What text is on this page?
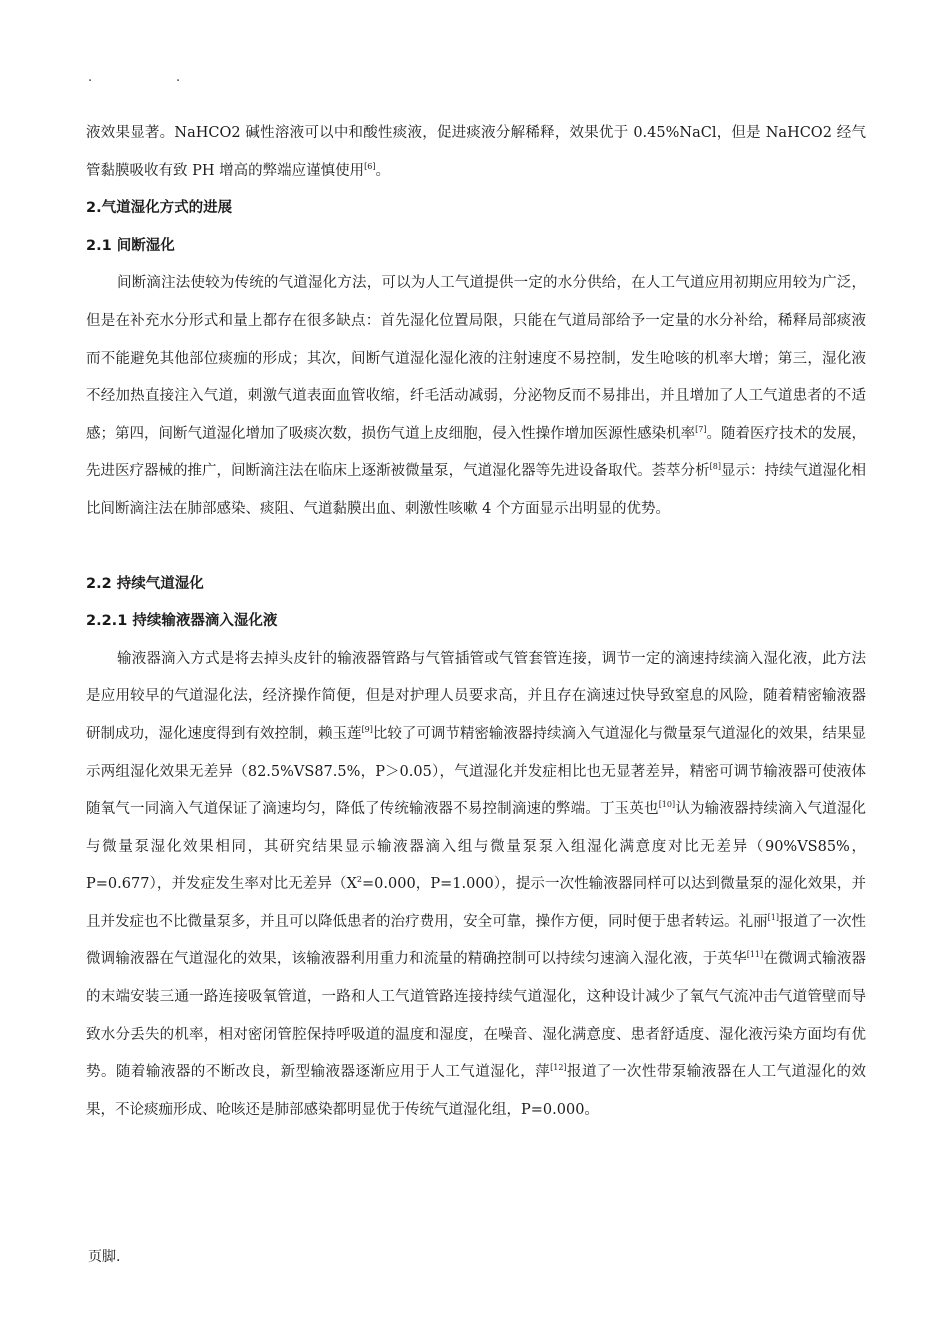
.	.

液效果显著。NaHCO2 碱性溶液可以中和酸性痰液，促进痰液分解稀释，效果优于 0.45%NaCl，但是 NaHCO2 经气管黏膜吸收有致 PH 增高的弊端应谨慎使用[6]。

2.气道湿化方式的进展

2.1 间断湿化

间断滴注法使较为传统的气道湿化方法，可以为人工气道提供一定的水分供给，在人工气道应用初期应用较为广泛，但是在补充水分形式和量上都存在很多缺点：首先湿化位置局限，只能在气道局部给予一定量的水分补给，稀释局部痰液而不能避免其他部位痰痂的形成；其次，间断气道湿化湿化液的注射速度不易控制，发生呛咳的机率大增；第三，湿化液不经加热直接注入气道，刺激气道表面血管收缩，纤毛活动减弱，分泌物反而不易排出，并且增加了人工气道患者的不适感；第四，间断气道湿化增加了吸痰次数，损伤气道上皮细胞，侵入性操作增加医源性感染机率[7]。随着医疗技术的发展，先进医疗器械的推广，间断滴注法在临床上逐渐被微量泵，气道湿化器等先进设备取代。荟萃分析[8]显示：持续气道湿化相比间断滴注法在肺部感染、痰阻、气道黏膜出血、刺激性咳嗽 4 个方面显示出明显的优势。

2.2 持续气道湿化

2.2.1 持续输液器滴入湿化液

输液器滴入方式是将去掉头皮针的输液器管路与气管插管或气管套管连接，调节一定的滴速持续滴入湿化液，此方法是应用较早的气道湿化法，经济操作简便，但是对护理人员要求高，并且存在滴速过快导致窒息的风险，随着精密输液器研制成功，湿化速度得到有效控制，赖玉莲[9]比较了可调节精密输液器持续滴入气道湿化与微量泵气道湿化的效果，结果显示两组湿化效果无差异（82.5%VS87.5%，P＞0.05），气道湿化并发症相比也无显著差异，精密可调节输液器可使液体随氧气一同滴入气道保证了滴速均匀，降低了传统输液器不易控制滴速的弊端。丁玉英也[10]认为输液器持续滴入气道湿化与微量泵湿化效果相同，其研究结果显示输液器滴入组与微量泵泵入组湿化满意度对比无差异（90%VS85%，P=0.677），并发症发生率对比无差异（$X^2=0.000$，P=1.000），提示一次性输液器同样可以达到微量泵的湿化效果，并且并发症也不比微量泵多，并且可以降低患者的治疗费用，安全可靠，操作方便，同时便于患者转运。礼丽[1]报道了一次性微调输液器在气道湿化的效果，该输液器利用重力和流量的精确控制可以持续匀速滴入湿化液，于英华[11]在微调式输液器的末端安装三通一路连接吸氧管道，一路和人工气道管路连接持续气道湿化，这种设计减少了氧气气流冲击气道管壁而导致水分丢失的机率，相对密闭管腔保持呼吸道的温度和湿度，在噪音、湿化满意度、患者舒适度、湿化液污染方面均有优势。随着输液器的不断改良，新型输液器逐渐应用于人工气道湿化，萍[12]报道了一次性带泵输液器在人工气道湿化的效果，不论痰痂形成、呛咳还是肺部感染都明显优于传统气道湿化组，P=0.000。

页脚.
